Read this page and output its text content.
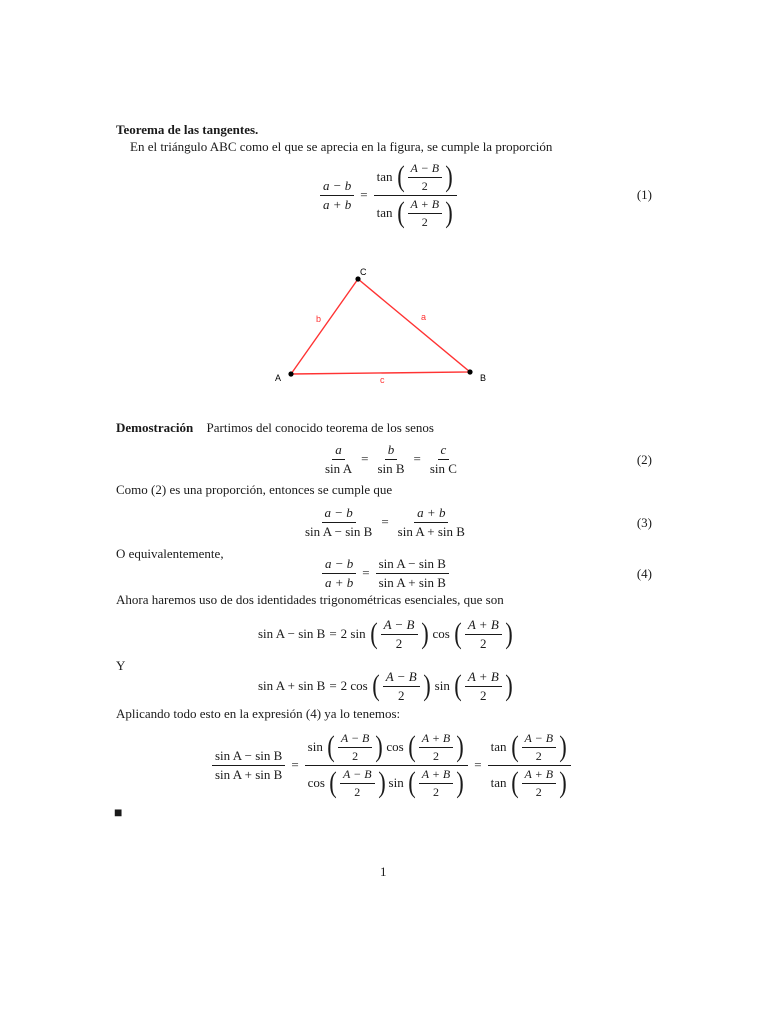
Teorema de las tangentes.
En el triángulo ABC como el que se aprecia en la figura, se cumple la proporción
$\frac{a - b}{a + b} = \frac{\tan ( \frac{A - B}{2} )}{\tan ( \frac{A + B}{2} )}$	(1)
A	B
C
a
b
c
Demostración Partimos del conocido teorema de los senos
$\frac{a}{\text{sin A}} = \frac{b}{\text{sin B}} = \frac{c}{\text{sin C}}$	(2)
Como (2) es una proporción, entonces se cumple que
$\frac{a - b}{\text{sin A − sin B}} = \frac{a + b}{\text{sin A + sin B}}$	(3)
O equivalentemente,
$\frac{a - b}{a + b} = \frac{\text{sin A − sin B}}{\text{sin A + sin B}}$	(4)
Ahora haremos uso de dos identidades trigonométricas esenciales, que son
sin A − sin B = 2 sin ( $\frac{A - B}{2}$ ) cos ( $\frac{A + B}{2}$ )
Y
sin A + sin B = 2 cos ( $\frac{A - B}{2}$ ) sin ( $\frac{A + B}{2}$ )
Aplicando todo esto en la expresión (4) ya lo tenemos:
$\frac{\text{sin A − sin B}}{\text{sin A + sin B}} = \frac{\sin ( \frac{A - B}{2} ) \cos ( \frac{A + B}{2} )}{\cos ( \frac{A - B}{2} ) \sin ( \frac{A + B}{2} )} = \frac{\tan ( \frac{A - B}{2} )}{\tan ( \frac{A + B}{2} )}$
■
1
